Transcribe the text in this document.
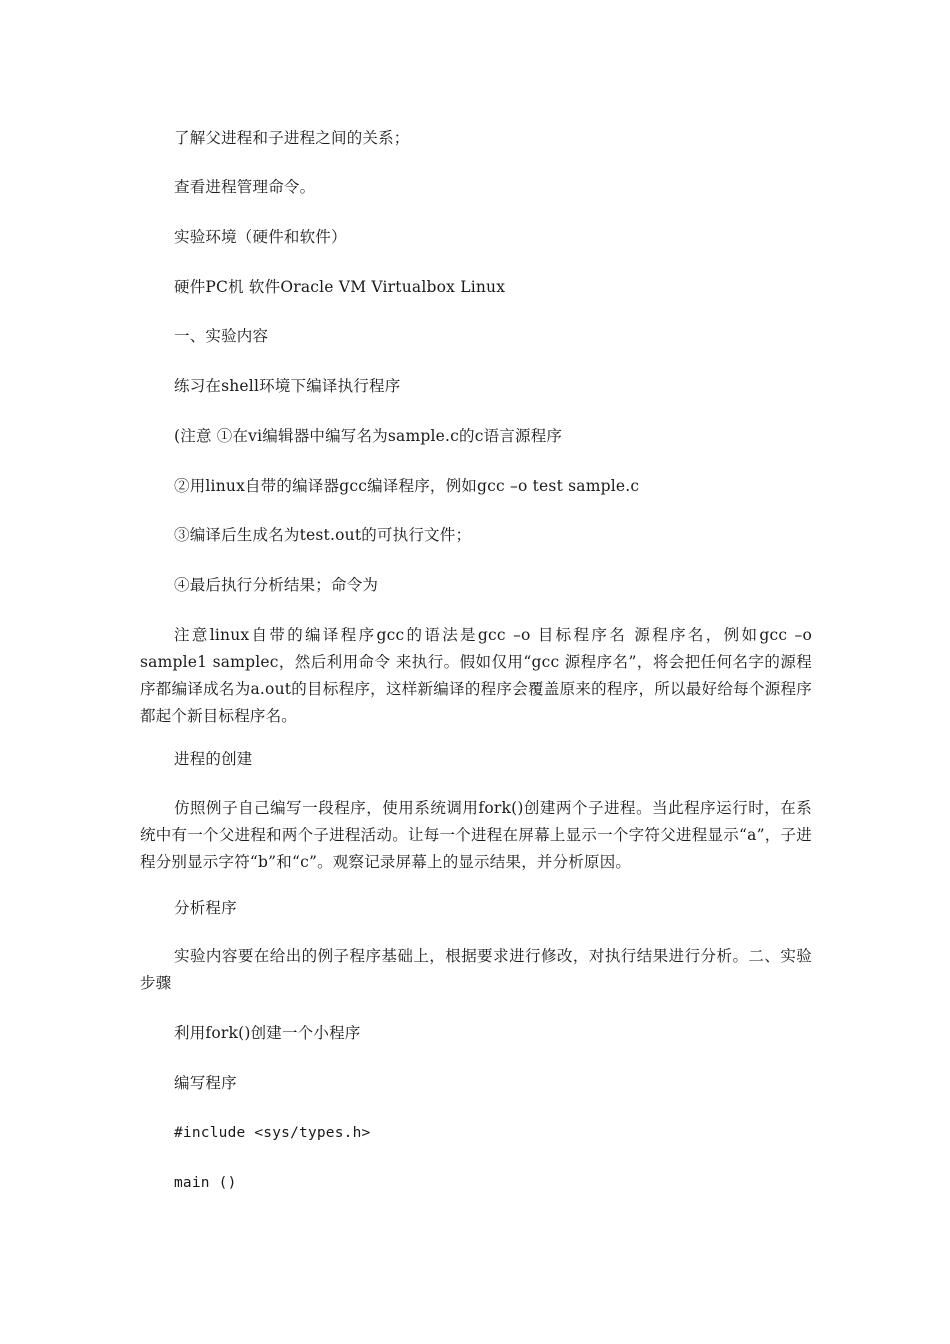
了解父进程和子进程之间的关系；
查看进程管理命令。
实验环境（硬件和软件）
硬件PC机 软件Oracle VM Virtualbox Linux
一、实验内容
练习在shell环境下编译执行程序
(注意 ①在vi编辑器中编写名为sample.c的c语言源程序
②用linux自带的编译器gcc编译程序，例如gcc –o test sample.c
③编译后生成名为test.out的可执行文件；
④最后执行分析结果；命令为
注意linux自带的编译程序gcc的语法是gcc –o 目标程序名 源程序名，例如gcc –o sample1 samplec，然后利用命令 来执行。假如仅用“gcc 源程序名”，将会把任何名字的源程序都编译成名为a.out的目标程序，这样新编译的程序会覆盖原来的程序，所以最好给每个源程序都起个新目标程序名。
进程的创建
仿照例子自己编写一段程序，使用系统调用fork()创建两个子进程。当此程序运行时，在系统中有一个父进程和两个子进程活动。让每一个进程在屏幕上显示一个字符父进程显示“a”，子进程分别显示字符“b”和“c”。观察记录屏幕上的显示结果，并分析原因。
分析程序
实验内容要在给出的例子程序基础上，根据要求进行修改，对执行结果进行分析。二、实验步骤
利用fork()创建一个小程序
编写程序
#include <sys/types.h>
main ()
